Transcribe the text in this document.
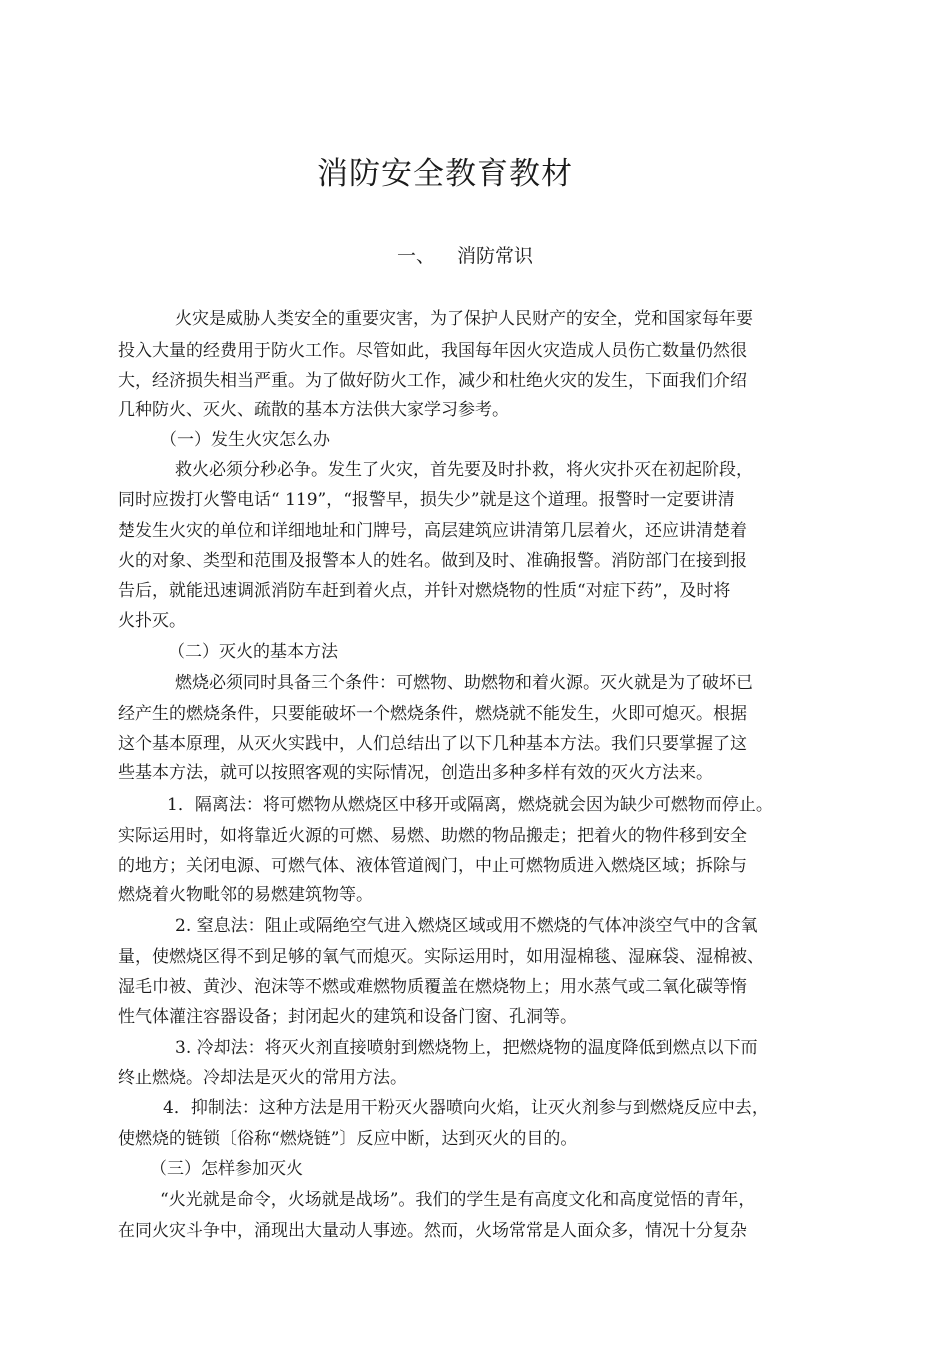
消防安全教育教材
一、 消防常识
火灾是威胁人类安全的重要灾害，为了保护人民财产的安全，党和国家每年要
投入大量的经费用于防火工作。尽管如此，我国每年因火灾造成人员伤亡数量仍然很
大，经济损失相当严重。为了做好防火工作，减少和杜绝火灾的发生，下面我们介绍
几种防火、灭火、疏散的基本方法供大家学习参考。
（一）发生火灾怎么办
救火必须分秒必争。发生了火灾，首先要及时扑救，将火灾扑灭在初起阶段，
同时应拨打火警电话“ 119”，“报警早，损失少”就是这个道理。报警时一定要讲清
楚发生火灾的单位和详细地址和门牌号，高层建筑应讲清第几层着火，还应讲清楚着
火的对象、类型和范围及报警本人的姓名。做到及时、准确报警。消防部门在接到报
告后，就能迅速调派消防车赶到着火点，并针对燃烧物的性质“对症下药”，及时将
火扑灭。
（二）灭火的基本方法
燃烧必须同时具备三个条件：可燃物、助燃物和着火源。灭火就是为了破坏已
经产生的燃烧条件，只要能破坏一个燃烧条件，燃烧就不能发生，火即可熄灭。根据
这个基本原理，从灭火实践中，人们总结出了以下几种基本方法。我们只要掌握了这
些基本方法，就可以按照客观的实际情况，创造出多种多样有效的灭火方法来。
1．隔离法：将可燃物从燃烧区中移开或隔离，燃烧就会因为缺少可燃物而停止。
实际运用时，如将靠近火源的可燃、易燃、助燃的物品搬走；把着火的物件移到安全
的地方；关闭电源、可燃气体、液体管道阀门，中止可燃物质进入燃烧区域；拆除与
燃烧着火物毗邻的易燃建筑物等。
2. 窒息法：阻止或隔绝空气进入燃烧区域或用不燃烧的气体冲淡空气中的含氧
量，使燃烧区得不到足够的氧气而熄灭。实际运用时，如用湿棉毯、湿麻袋、湿棉被、
湿毛巾被、黄沙、泡沫等不燃或难燃物质覆盖在燃烧物上；用水蒸气或二氧化碳等惰
性气体灌注容器设备；封闭起火的建筑和设备门窗、孔洞等。
3. 冷却法：将灭火剂直接喷射到燃烧物上，把燃烧物的温度降低到燃点以下而
终止燃烧。冷却法是灭火的常用方法。
4．抑制法：这种方法是用干粉灭火器喷向火焰，让灭火剂参与到燃烧反应中去，
使燃烧的链锁〔俗称“燃烧链”〕反应中断，达到灭火的目的。
（三）怎样参加灭火
“火光就是命令，火场就是战场”。我们的学生是有高度文化和高度觉悟的青年，
在同火灾斗争中，涌现出大量动人事迹。然而，火场常常是人面众多，情况十分复杂
